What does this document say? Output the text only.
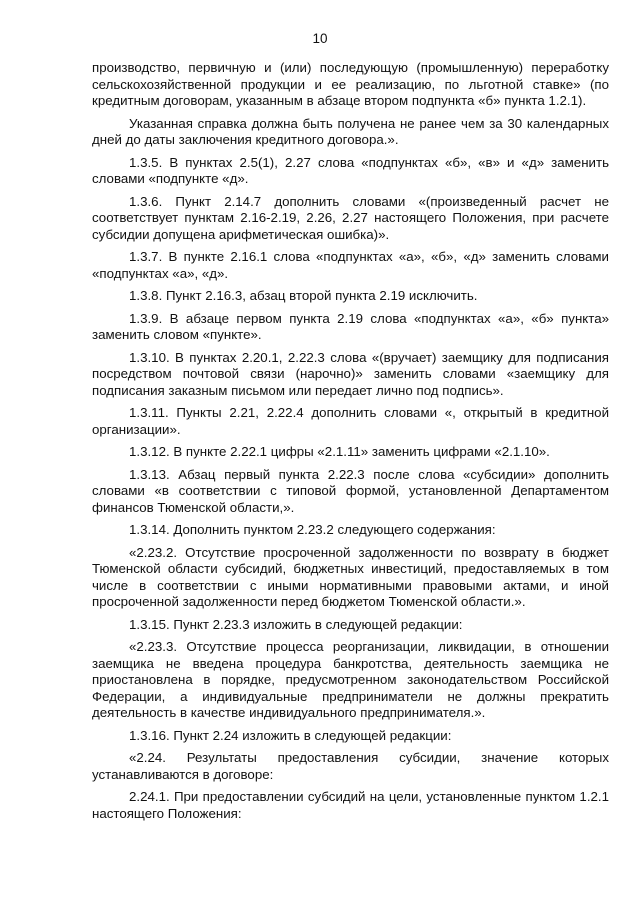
10

производство, первичную и (или) последующую (промышленную) переработку сельскохозяйственной продукции и ее реализацию, по льготной ставке» (по кредитным договорам, указанным в абзаце втором подпункта «б» пункта 1.2.1).

Указанная справка должна быть получена не ранее чем за 30 календарных дней до даты заключения кредитного договора.».

1.3.5. В пунктах 2.5(1), 2.27 слова «подпунктах «б», «в» и «д» заменить словами «подпункте «д».

1.3.6. Пункт 2.14.7 дополнить словами «(произведенный расчет не соответствует пунктам 2.16-2.19, 2.26, 2.27 настоящего Положения, при расчете субсидии допущена арифметическая ошибка)».

1.3.7. В пункте 2.16.1 слова «подпунктах «а», «б», «д» заменить словами «подпунктах «а», «д».

1.3.8. Пункт 2.16.3, абзац второй пункта 2.19 исключить.

1.3.9. В абзаце первом пункта 2.19 слова «подпунктах «а», «б» пункта» заменить словом «пункте».

1.3.10. В пунктах 2.20.1, 2.22.3 слова «(вручает) заемщику для подписания посредством почтовой связи (нарочно)» заменить словами «заемщику для подписания заказным письмом или передает лично под подпись».

1.3.11. Пункты 2.21, 2.22.4 дополнить словами «, открытый в кредитной организации».

1.3.12. В пункте 2.22.1 цифры «2.1.11» заменить цифрами «2.1.10».

1.3.13. Абзац первый пункта 2.22.3 после слова «субсидии» дополнить словами «в соответствии с типовой формой, установленной Департаментом финансов Тюменской области,».

1.3.14. Дополнить пунктом 2.23.2 следующего содержания:

«2.23.2. Отсутствие просроченной задолженности по возврату в бюджет Тюменской области субсидий, бюджетных инвестиций, предоставляемых в том числе в соответствии с иными нормативными правовыми актами, и иной просроченной задолженности перед бюджетом Тюменской области.».

1.3.15. Пункт 2.23.3 изложить в следующей редакции:

«2.23.3. Отсутствие процесса реорганизации, ликвидации, в отношении заемщика не введена процедура банкротства, деятельность заемщика не приостановлена в порядке, предусмотренном законодательством Российской Федерации, а индивидуальные предприниматели не должны прекратить деятельность в качестве индивидуального предпринимателя.».

1.3.16. Пункт 2.24 изложить в следующей редакции:

«2.24. Результаты предоставления субсидии, значение которых устанавливаются в договоре:

2.24.1. При предоставлении субсидий на цели, установленные пунктом 1.2.1 настоящего Положения:
